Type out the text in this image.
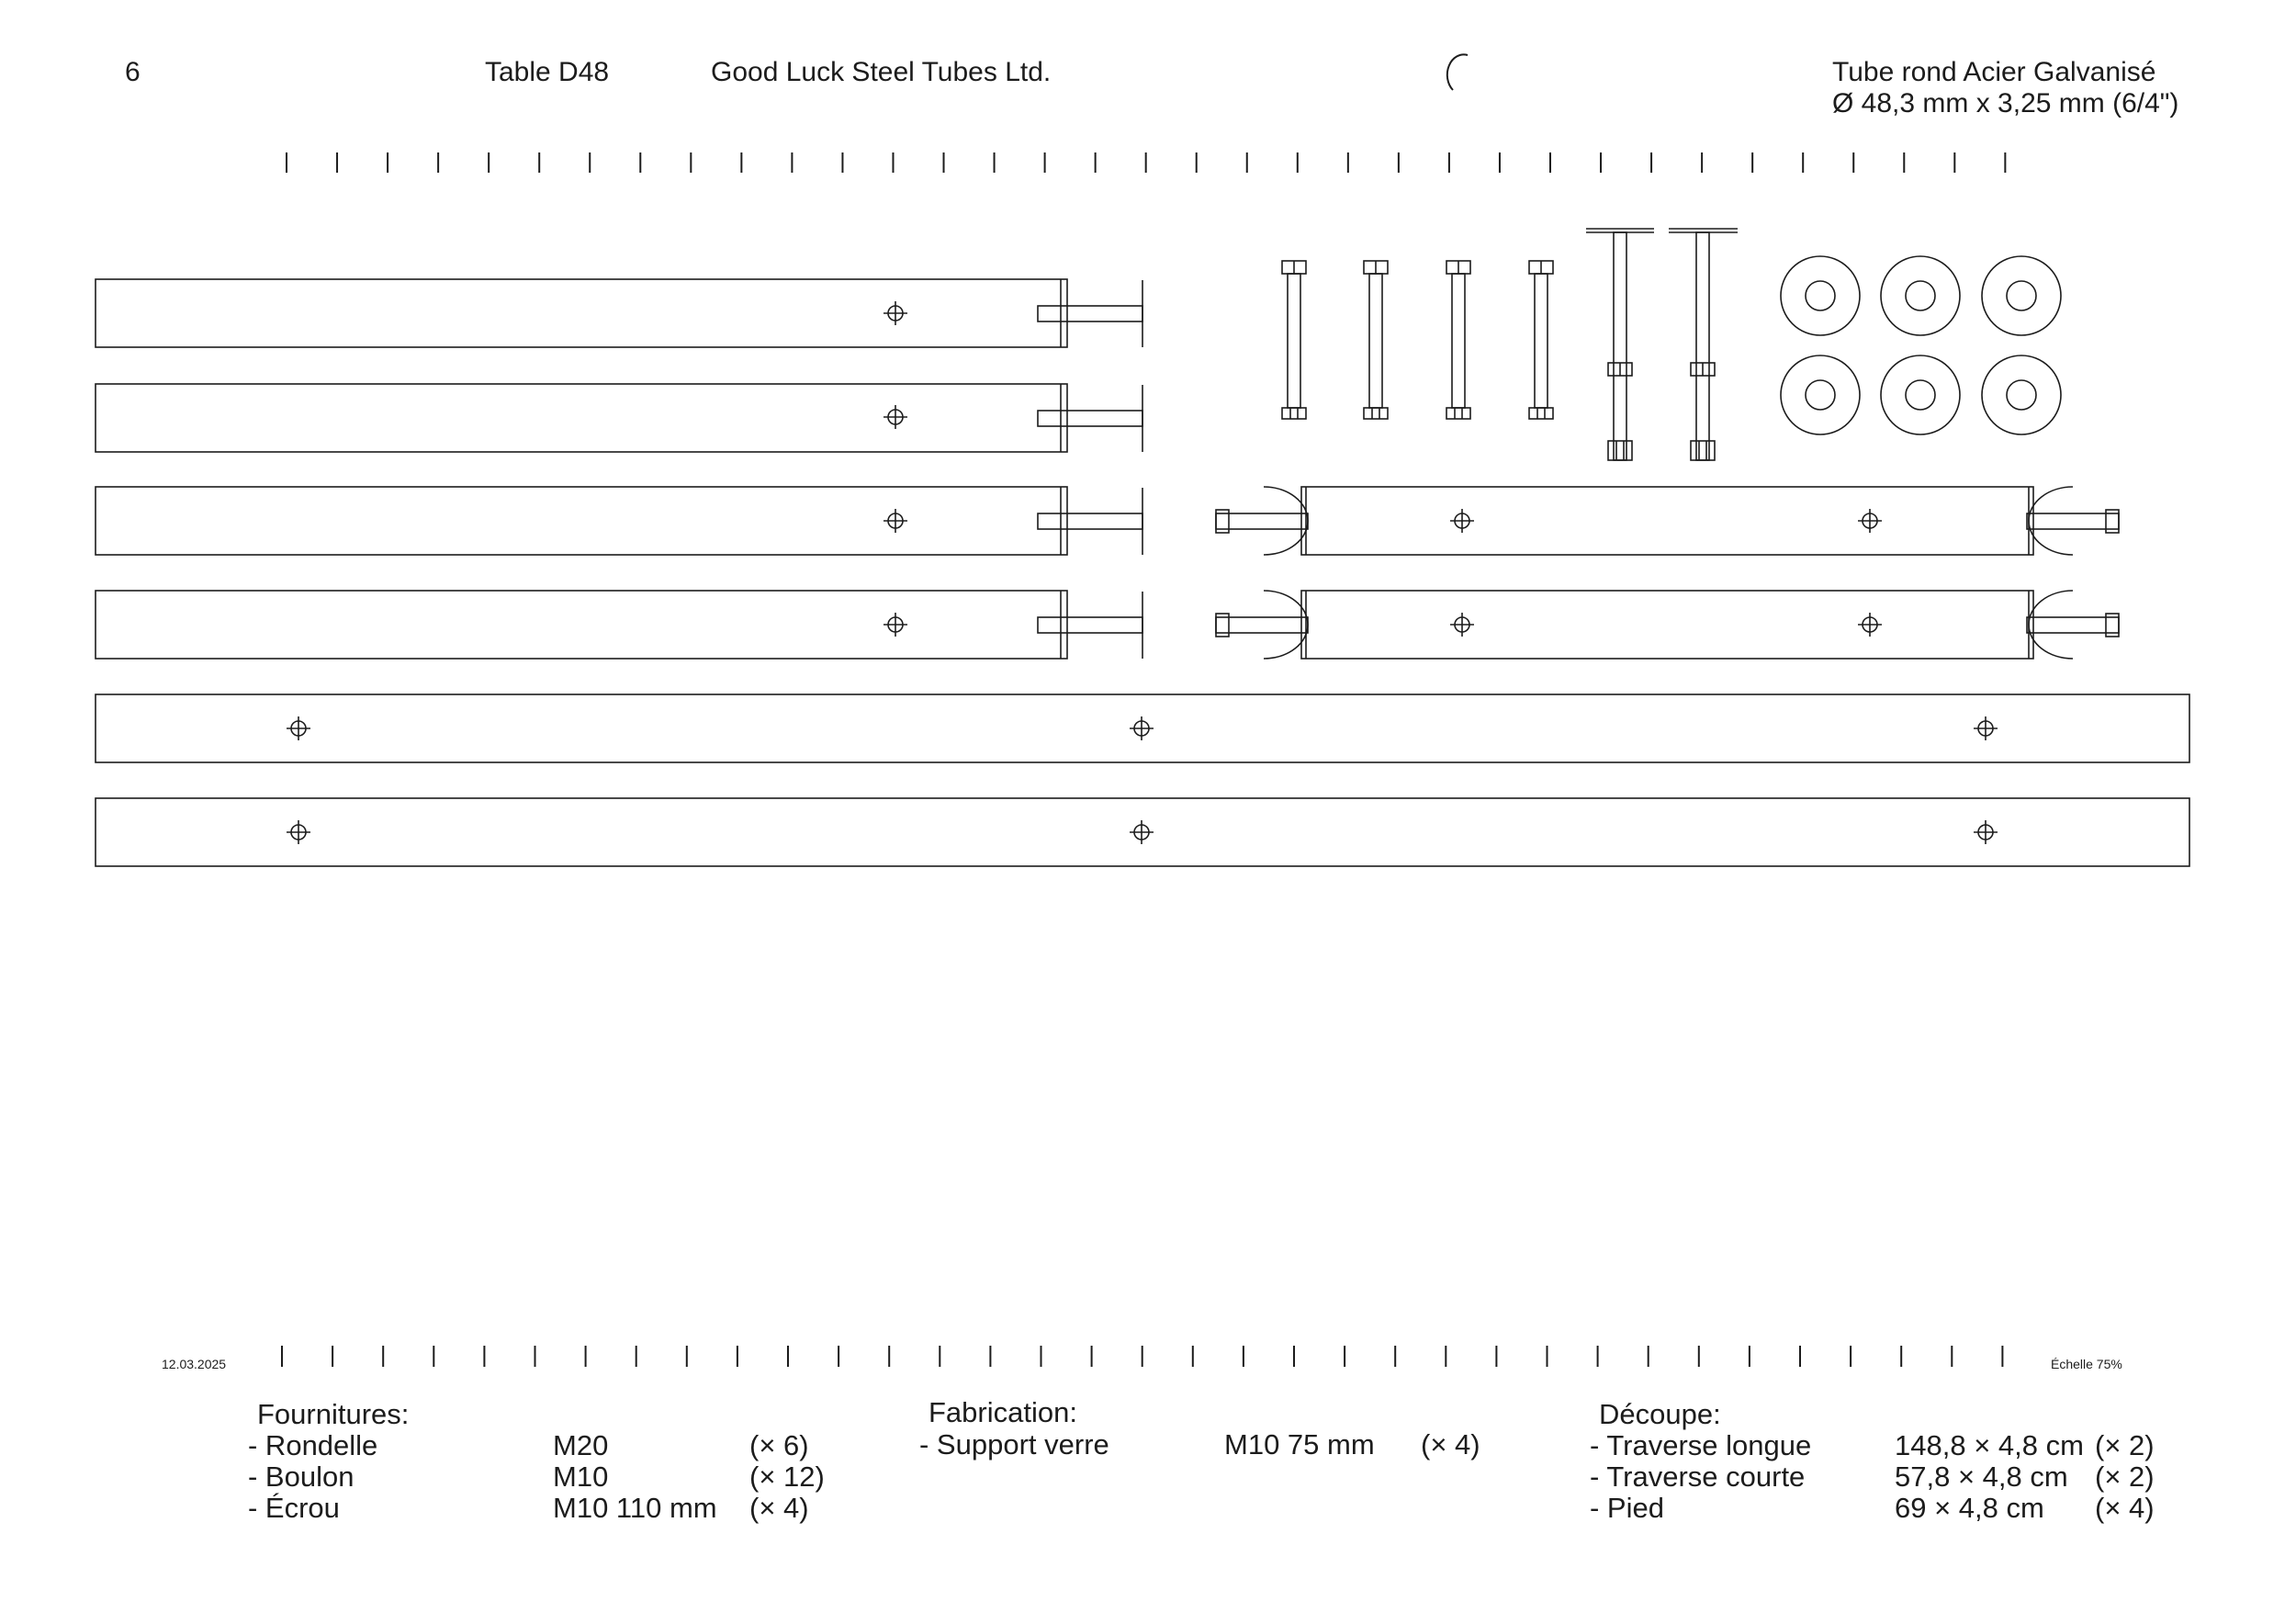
6	Table D48	Good Luck Steel Tubes Ltd.	Tube rond Acier Galvanisé
Ø 48,3 mm x 3,25 mm (6/4")
12.03.2025	Échelle 75%
Fournitures:
- Rondelle	M20	(× 6)
- Boulon	M10	(× 12)
- Écrou	M10 110 mm (× 4)
Fabrication:
- Support verre	M10 75 mm (× 4)
Découpe:
- Traverse longue	148,8 × 4,8 cm (× 2)
- Traverse courte	57,8 × 4,8 cm (× 2)
- Pied	69 × 4,8 cm (× 4)
